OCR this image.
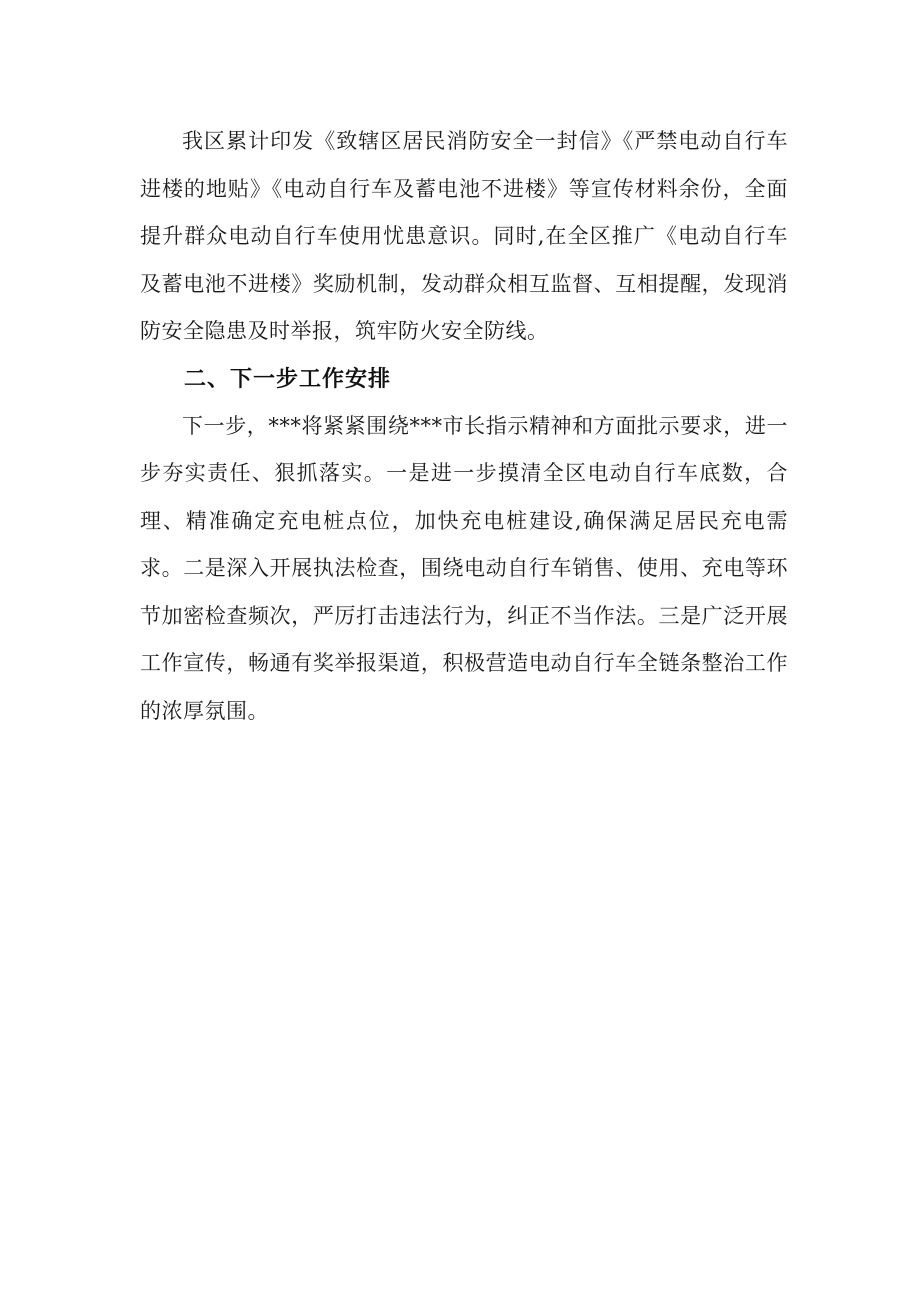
我区累计印发《致辖区居民消防安全一封信》《严禁电动自行车进楼的地贴》《电动自行车及蓄电池不进楼》等宣传材料余份，全面提升群众电动自行车使用忧患意识。同时,在全区推广《电动自行车及蓄电池不进楼》奖励机制，发动群众相互监督、互相提醒，发现消防安全隐患及时举报，筑牢防火安全防线。

二、下一步工作安排

下一步，***将紧紧围绕***市长指示精神和方面批示要求，进一步夯实责任、狠抓落实。一是进一步摸清全区电动自行车底数，合理、精准确定充电桩点位，加快充电桩建设,确保满足居民充电需求。二是深入开展执法检查，围绕电动自行车销售、使用、充电等环节加密检查频次，严厉打击违法行为，纠正不当作法。三是广泛开展工作宣传，畅通有奖举报渠道，积极营造电动自行车全链条整治工作的浓厚氛围。
